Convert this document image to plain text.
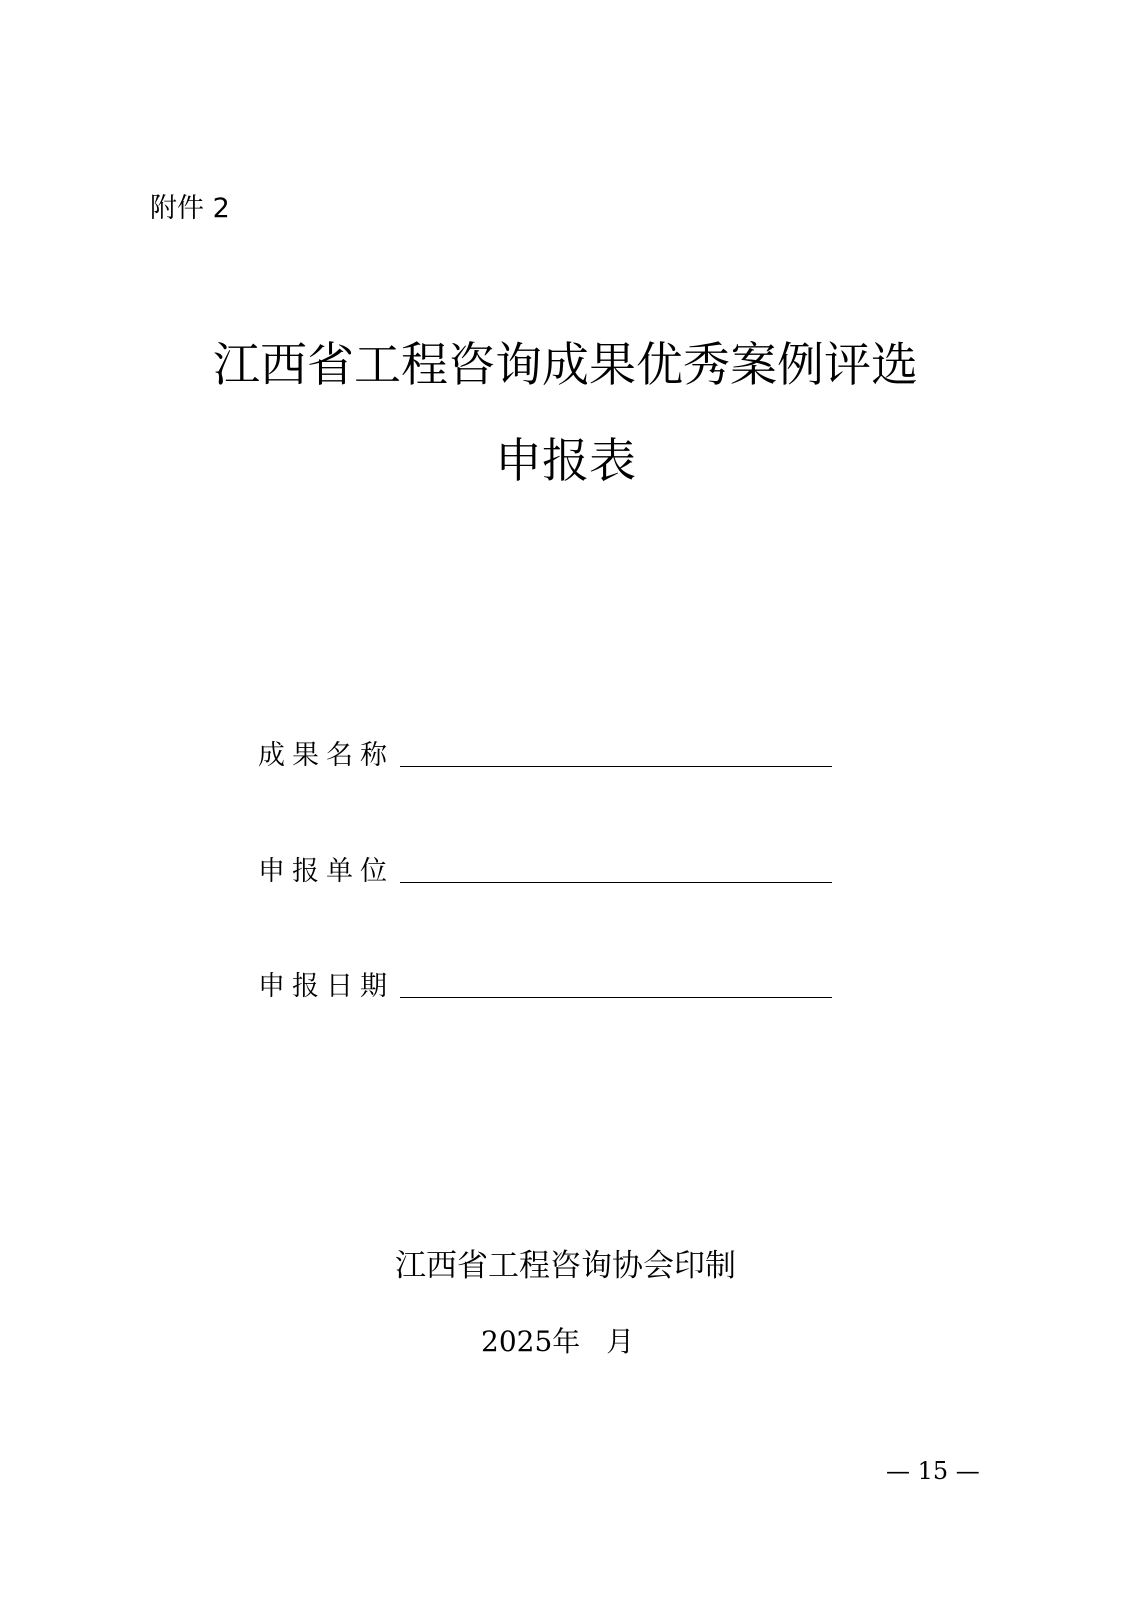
附件 2
江西省工程咨询成果优秀案例评选
申报表
成果名称
申报单位
申报日期
江西省工程咨询协会印制
2025年 月
— 15 —
